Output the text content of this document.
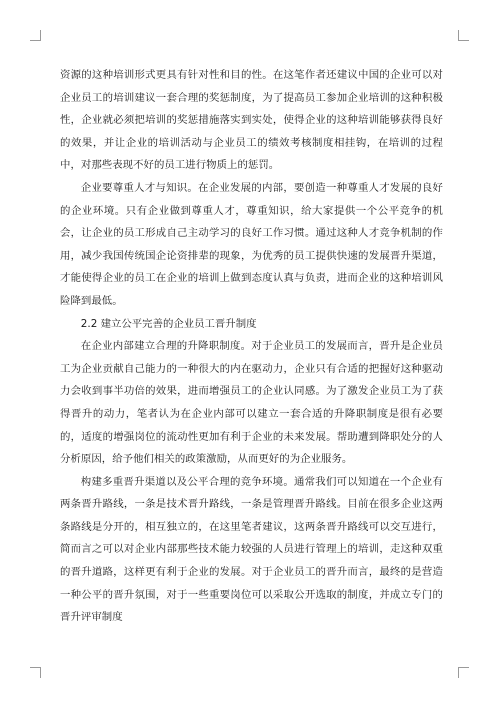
资源的这种培训形式更具有针对性和目的性。在这笔作者还建议中国的企业可以对企业员工的培训建议一套合理的奖惩制度，为了提高员工参加企业培训的这种积极性，企业就必须把培训的奖惩措施落实到实处，使得企业的这种培训能够获得良好的效果，并让企业的培训活动与企业员工的绩效考核制度相挂钩，在培训的过程中，对那些表现不好的员工进行物质上的惩罚。

企业要尊重人才与知识。在企业发展的内部，要创造一种尊重人才发展的良好的企业环境。只有企业做到尊重人才，尊重知识，给大家提供一个公平竞争的机会，让企业的员工形成自己主动学习的良好工作习惯。通过这种人才竞争机制的作用，减少我国传统国企论资排辈的现象，为优秀的员工提供快速的发展晋升渠道，才能使得企业的员工在企业的培训上做到态度认真与负责，进而企业的这种培训风险降到最低。

2.2 建立公平完善的企业员工晋升制度

在企业内部建立合理的升降职制度。对于企业员工的发展而言，晋升是企业员工为企业贡献自己能力的一种很大的内在驱动力，企业只有合适的把握好这种驱动力会收到事半功倍的效果，进而增强员工的企业认同感。为了激发企业员工为了获得晋升的动力，笔者认为在企业内部可以建立一套合适的升降职制度是很有必要的，适度的增强岗位的流动性更加有利于企业的未来发展。帮助遭到降职处分的人分析原因，给予他们相关的政策激励，从而更好的为企业服务。

构建多重晋升渠道以及公平合理的竞争环境。通常我们可以知道在一个企业有两条晋升路线，一条是技术晋升路线，一条是管理晋升路线。目前在很多企业这两条路线是分开的，相互独立的，在这里笔者建议，这两条晋升路线可以交互进行，简而言之可以对企业内部那些技术能力较强的人员进行管理上的培训，走这种双重的晋升道路，这样更有利于企业的发展。对于企业员工的晋升而言，最终的是营造一种公平的晋升氛围，对于一些重要岗位可以采取公开选取的制度，并成立专门的晋升评审制度
